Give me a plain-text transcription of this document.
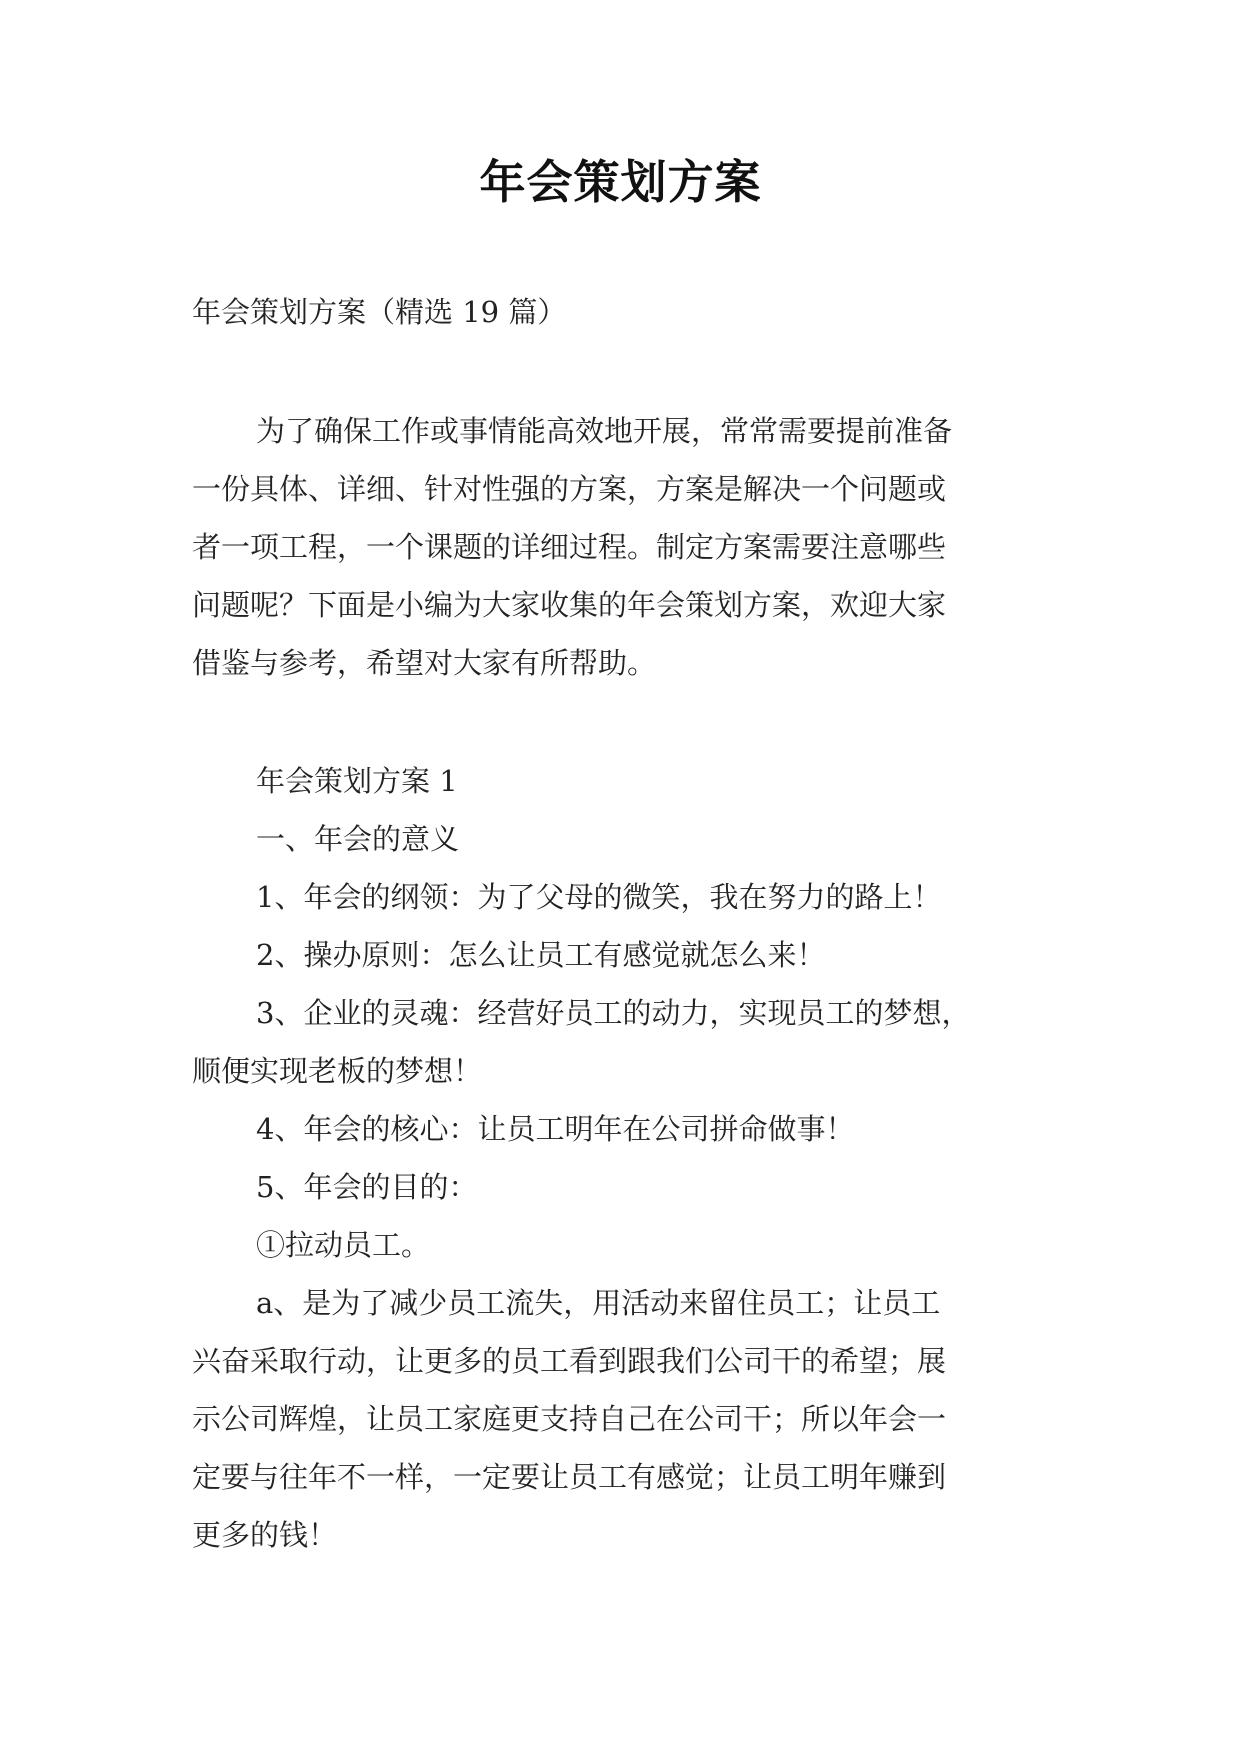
年会策划方案
年会策划方案（精选 19 篇）
为了确保工作或事情能高效地开展，常常需要提前准备
一份具体、详细、针对性强的方案，方案是解决一个问题或
者一项工程，一个课题的详细过程。制定方案需要注意哪些
问题呢？下面是小编为大家收集的年会策划方案，欢迎大家
借鉴与参考，希望对大家有所帮助。
年会策划方案 1
一、年会的意义
1、年会的纲领：为了父母的微笑，我在努力的路上！
2、操办原则：怎么让员工有感觉就怎么来！
3、企业的灵魂：经营好员工的动力，实现员工的梦想，
顺便实现老板的梦想！
4、年会的核心：让员工明年在公司拼命做事！
5、年会的目的：
①拉动员工。
a、是为了减少员工流失，用活动来留住员工；让员工
兴奋采取行动，让更多的员工看到跟我们公司干的希望；展
示公司辉煌，让员工家庭更支持自己在公司干；所以年会一
定要与往年不一样，一定要让员工有感觉；让员工明年赚到
更多的钱！
